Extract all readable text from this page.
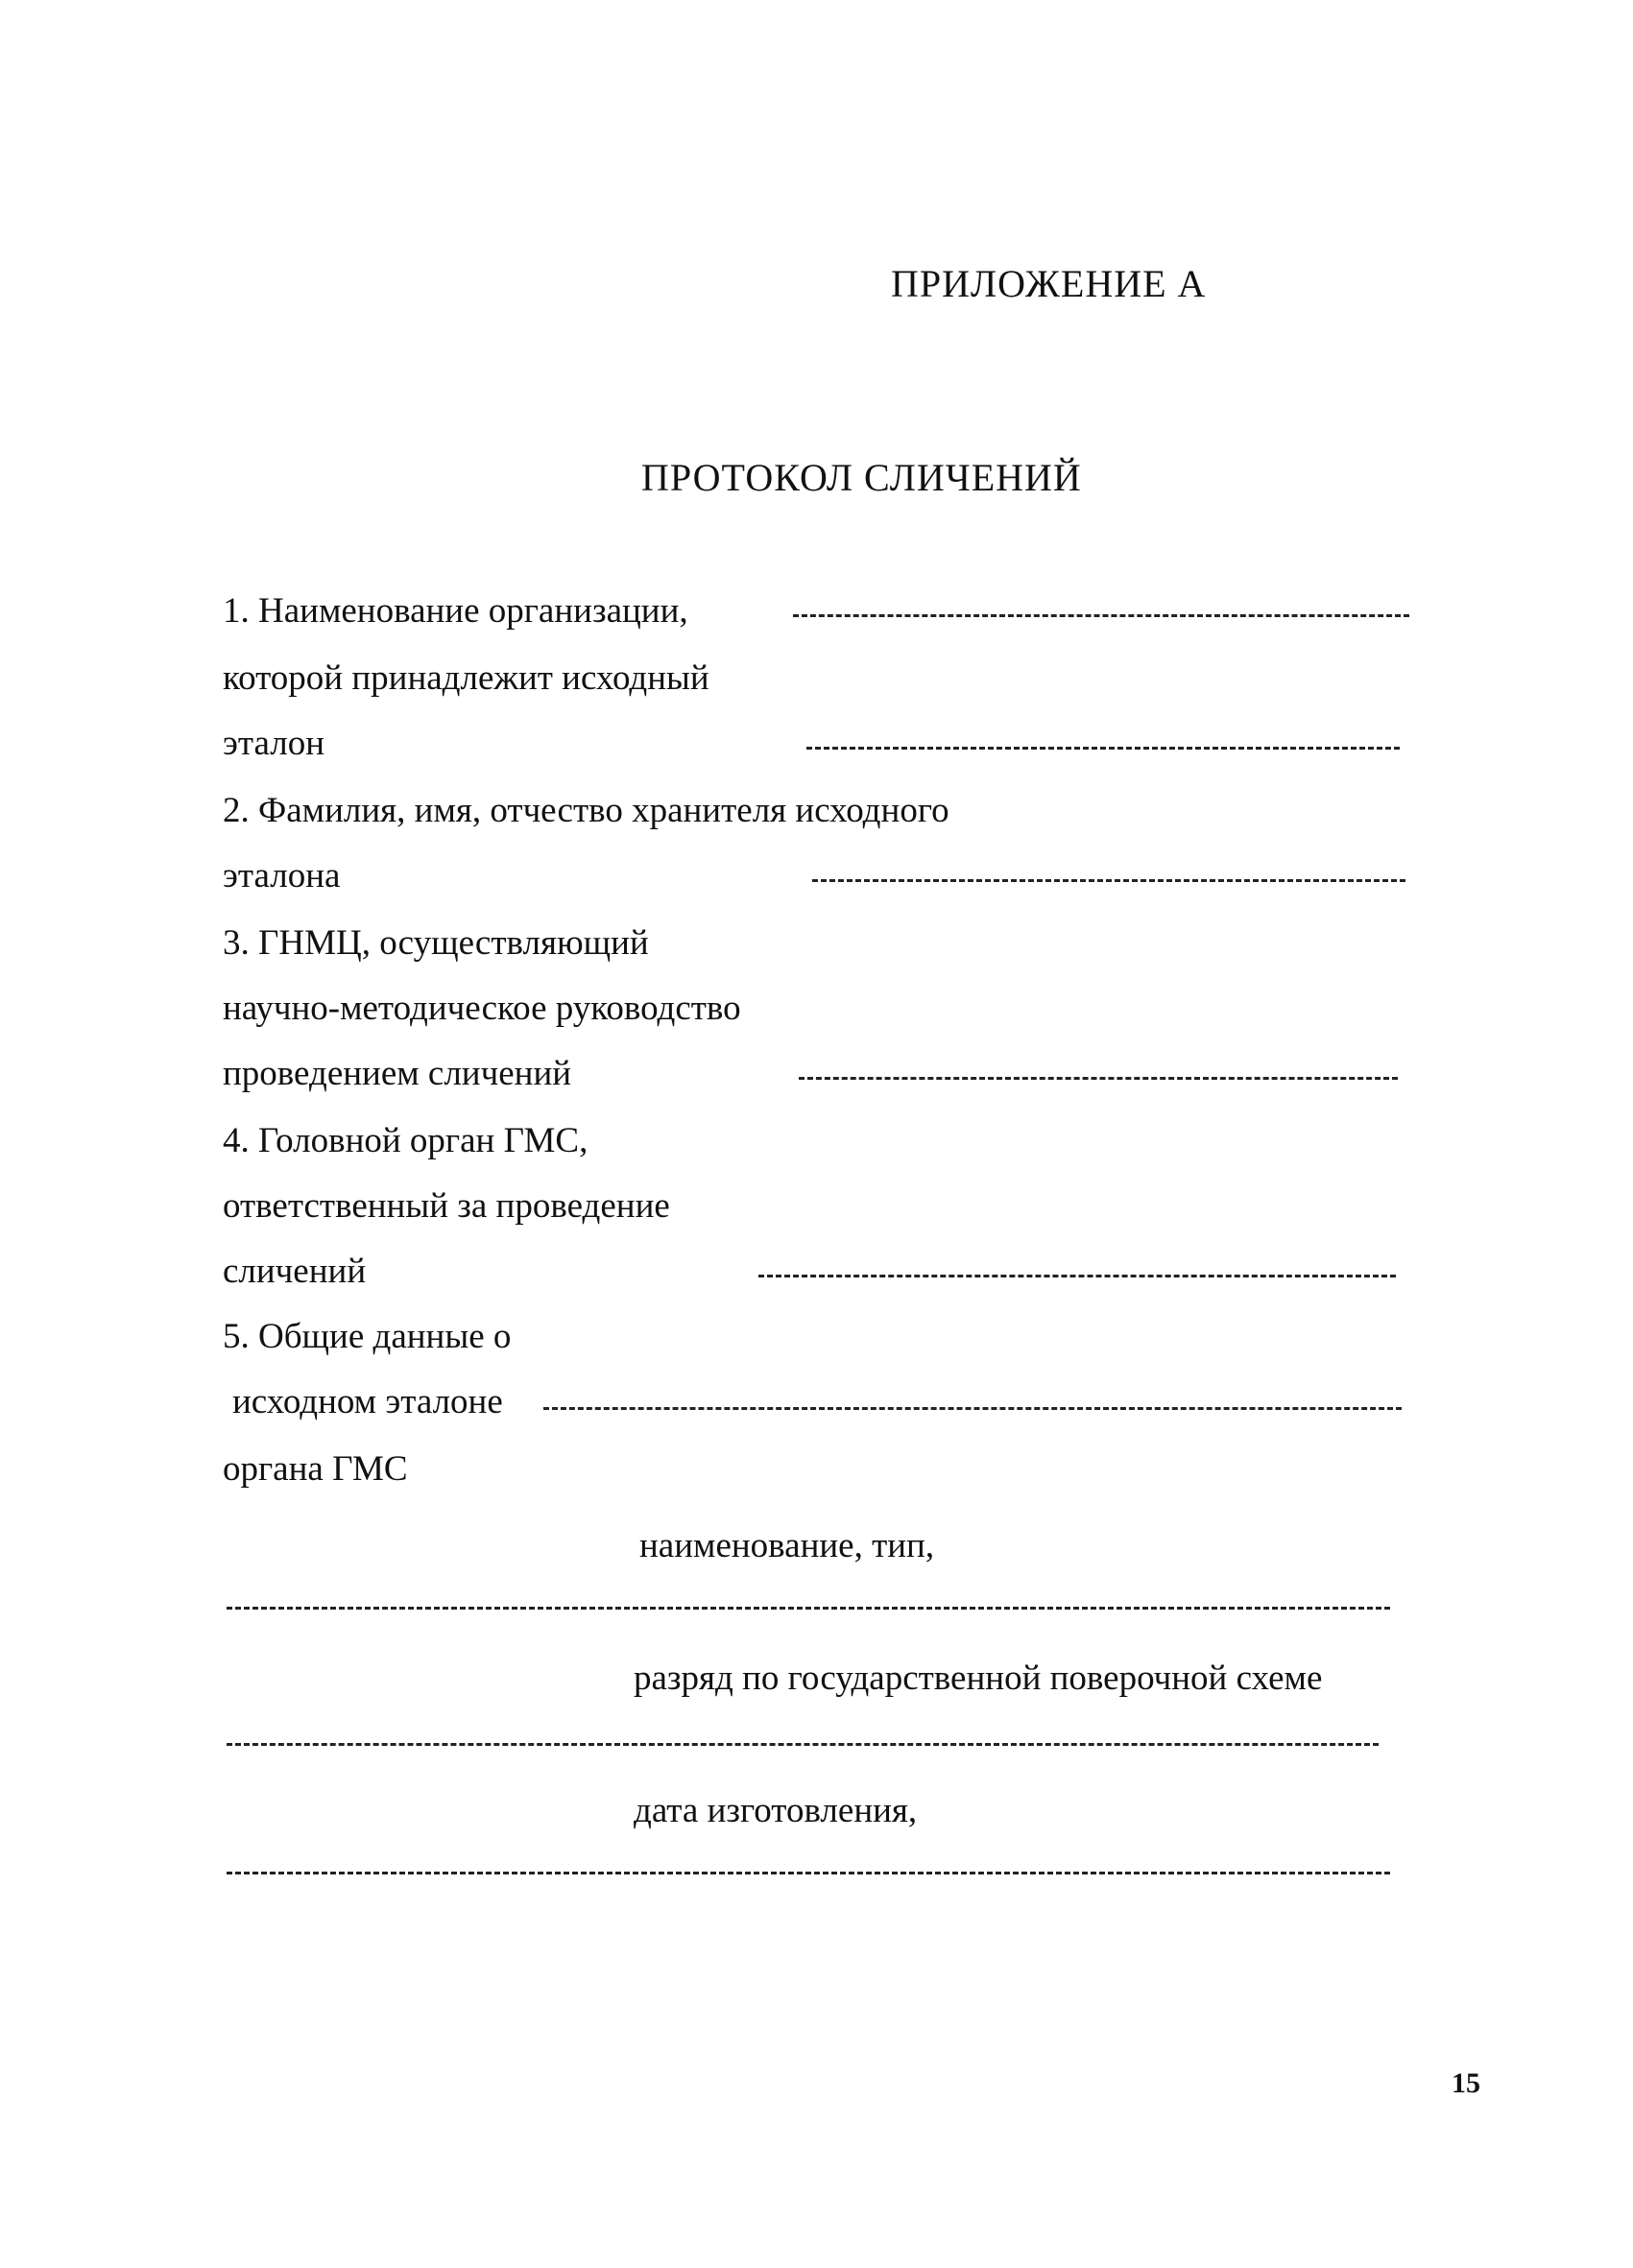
ПРИЛОЖЕНИЕ А
ПРОТОКОЛ СЛИЧЕНИЙ
1. Наименование организации,
которой принадлежит исходный
эталон
2. Фамилия, имя, отчество хранителя исходного
эталона
3. ГНМЦ, осуществляющий
научно-методическое руководство
проведением сличений
4. Головной орган ГМС,
ответственный за проведение
сличений
5. Общие данные о
исходном эталоне
органа ГМС
наименование, тип,
разряд по государственной поверочной схеме
дата изготовления,
15
